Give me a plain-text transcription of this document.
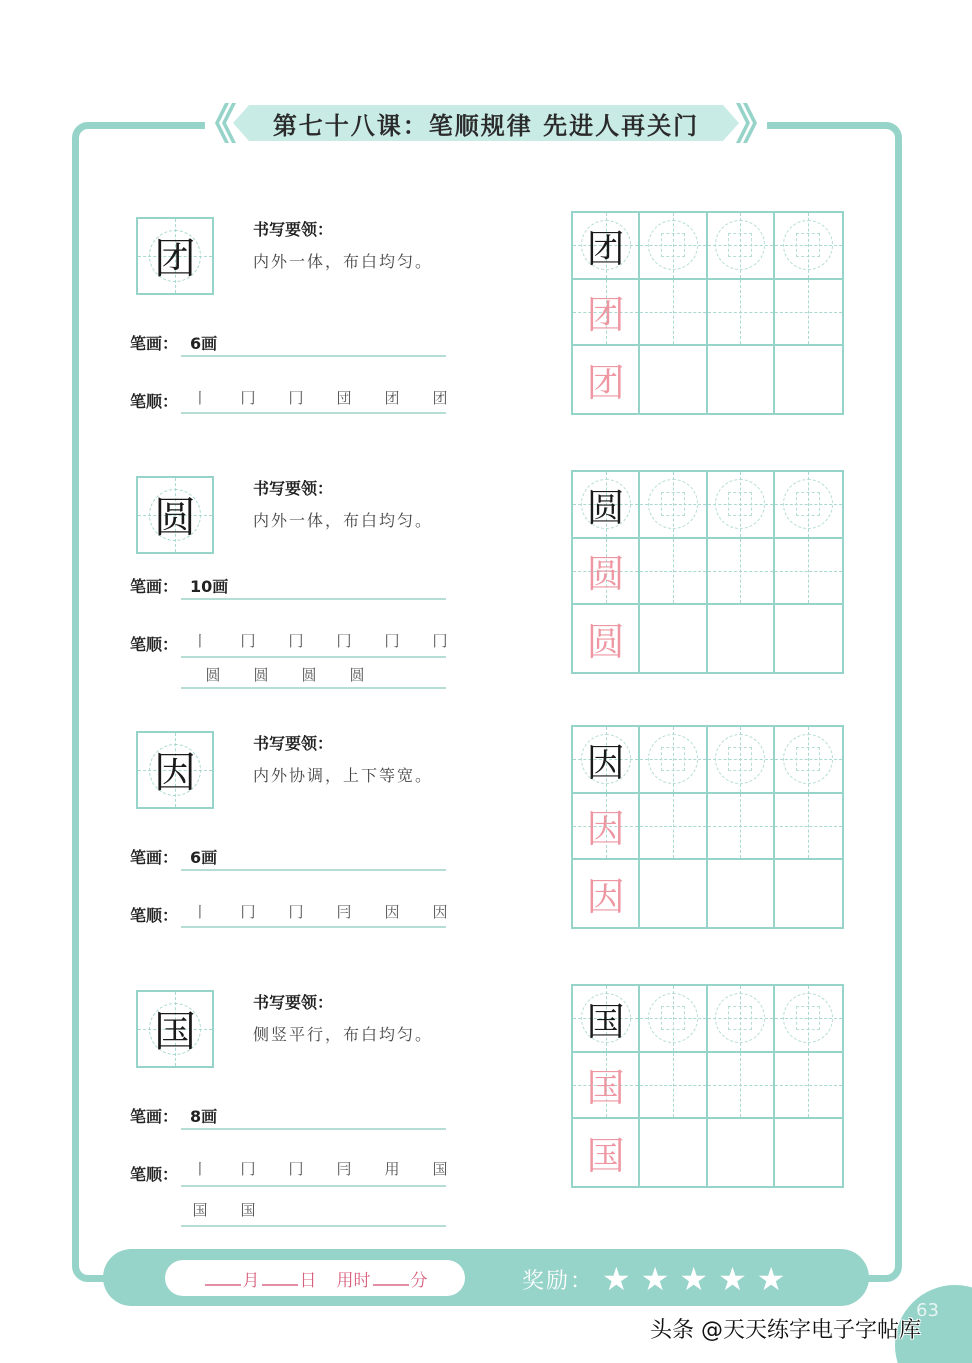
第七十八课：笔顺规律 先进人再关门
团
书写要领：
内外一体，布白均匀。
笔画： 6画
笔顺： 丨 冂 冂 団 团 团
团
团
团
圆
书写要领：
内外一体，布白均匀。
笔画： 10画
笔顺： 丨 冂 冂 冂 冂 冂
圆 圆 圆 圆
圆
圆
圆
因
书写要领：
内外协调，上下等宽。
笔画： 6画
笔顺： 丨 冂 冂 冃 因 因
因
因
因
国
书写要领：
侧竖平行，布白均匀。
笔画： 8画
笔顺： 丨 冂 冂 冃 用 国
国 国
国
国
国
月 日 用时 分	奖励： ★ ★ ★ ★ ★
63
头条 @天天练字电子字帖库
